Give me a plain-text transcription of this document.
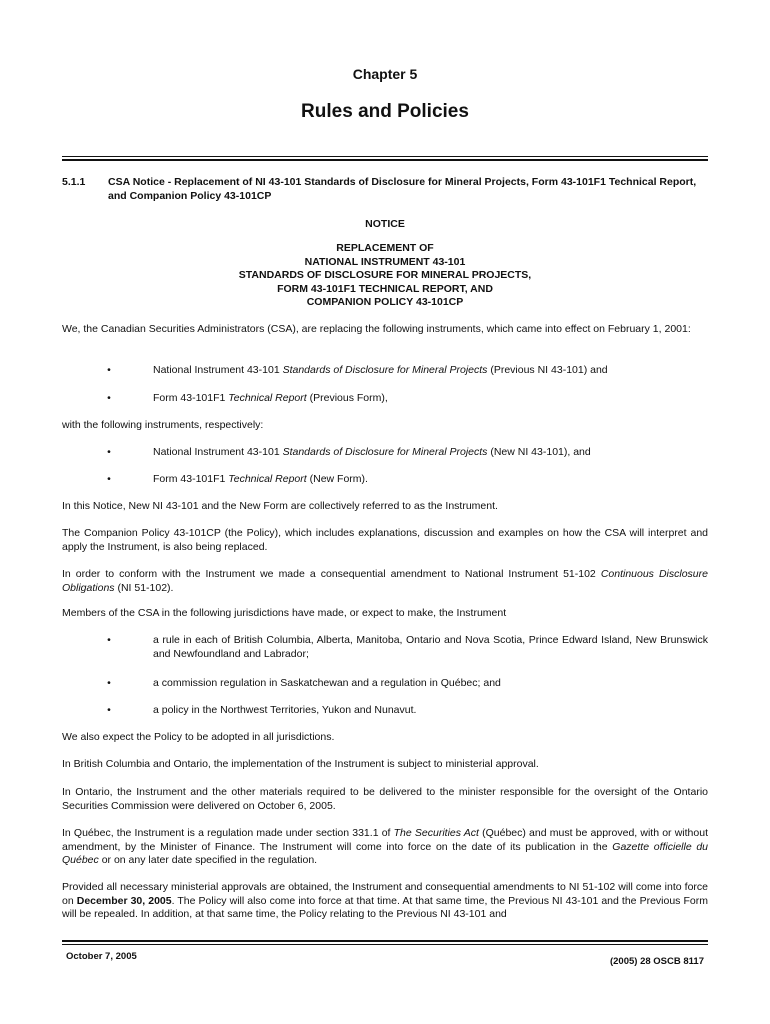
Chapter 5
Rules and Policies
5.1.1 CSA Notice - Replacement of NI 43-101 Standards of Disclosure for Mineral Projects, Form 43-101F1 Technical Report, and Companion Policy 43-101CP
NOTICE
REPLACEMENT OF
NATIONAL INSTRUMENT 43-101
STANDARDS OF DISCLOSURE FOR MINERAL PROJECTS,
FORM 43-101F1 TECHNICAL REPORT, AND
COMPANION POLICY 43-101CP
We, the Canadian Securities Administrators (CSA), are replacing the following instruments, which came into effect on February 1, 2001:
•	National Instrument 43-101 Standards of Disclosure for Mineral Projects (Previous NI 43-101) and
•	Form 43-101F1 Technical Report (Previous Form),
with the following instruments, respectively:
•	National Instrument 43-101 Standards of Disclosure for Mineral Projects (New NI 43-101), and
•	Form 43-101F1 Technical Report (New Form).
In this Notice, New NI 43-101 and the New Form are collectively referred to as the Instrument.
The Companion Policy 43-101CP (the Policy), which includes explanations, discussion and examples on how the CSA will interpret and apply the Instrument, is also being replaced.
In order to conform with the Instrument we made a consequential amendment to National Instrument 51-102 Continuous Disclosure Obligations (NI 51-102).
Members of the CSA in the following jurisdictions have made, or expect to make, the Instrument
•	a rule in each of British Columbia, Alberta, Manitoba, Ontario and Nova Scotia, Prince Edward Island, New Brunswick and Newfoundland and Labrador;
•	a commission regulation in Saskatchewan and a regulation in Québec; and
•	a policy in the Northwest Territories, Yukon and Nunavut.
We also expect the Policy to be adopted in all jurisdictions.
In British Columbia and Ontario, the implementation of the Instrument is subject to ministerial approval.
In Ontario, the Instrument and the other materials required to be delivered to the minister responsible for the oversight of the Ontario Securities Commission were delivered on October 6, 2005.
In Québec, the Instrument is a regulation made under section 331.1 of The Securities Act (Québec) and must be approved, with or without amendment, by the Minister of Finance. The Instrument will come into force on the date of its publication in the Gazette officielle du Québec or on any later date specified in the regulation.
Provided all necessary ministerial approvals are obtained, the Instrument and consequential amendments to NI 51-102 will come into force on December 30, 2005. The Policy will also come into force at that time. At that same time, the Previous NI 43-101 and the Previous Form will be repealed. In addition, at that same time, the Policy relating to the Previous NI 43-101 and
October 7, 2005	(2005) 28 OSCB 8117
